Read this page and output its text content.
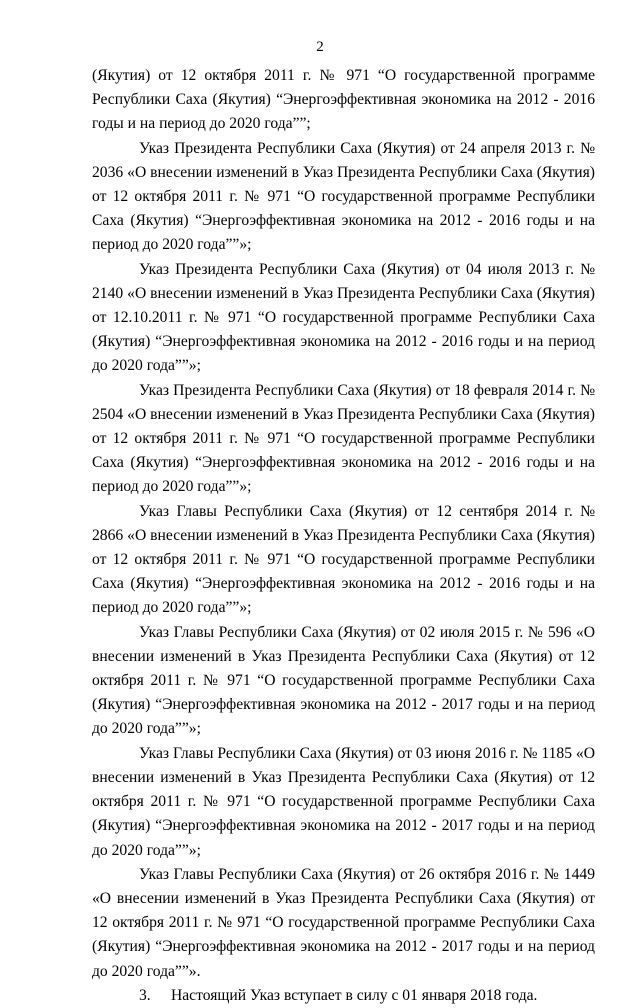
2

(Якутия) от 12 октября 2011 г. № 971 “О государственной программе Республики Саха (Якутия) “Энергоэффективная экономика на 2012 - 2016 годы и на период до 2020 года””;

Указ Президента Республики Саха (Якутия) от 24 апреля 2013 г. № 2036 «О внесении изменений в Указ Президента Республики Саха (Якутия) от 12 октября 2011 г. № 971 “О государственной программе Республики Саха (Якутия) “Энергоэффективная экономика на 2012 - 2016 годы и на период до 2020 года””»;

Указ Президента Республики Саха (Якутия) от 04 июля 2013 г. № 2140 «О внесении изменений в Указ Президента Республики Саха (Якутия) от 12.10.2011 г. № 971 “О государственной программе Республики Саха (Якутия) “Энергоэффективная экономика на 2012 - 2016 годы и на период до 2020 года””»;

Указ Президента Республики Саха (Якутия) от 18 февраля 2014 г. № 2504 «О внесении изменений в Указ Президента Республики Саха (Якутия) от 12 октября 2011 г. № 971 “О государственной программе Республики Саха (Якутия) “Энергоэффективная экономика на 2012 - 2016 годы и на период до 2020 года””»;

Указ Главы Республики Саха (Якутия) от 12 сентября 2014 г. № 2866 «О внесении изменений в Указ Президента Республики Саха (Якутия) от 12 октября 2011 г. № 971 “О государственной программе Республики Саха (Якутия) “Энергоэффективная экономика на 2012 - 2016 годы и на период до 2020 года””»;

Указ Главы Республики Саха (Якутия) от 02 июля 2015 г. № 596 «О внесении изменений в Указ Президента Республики Саха (Якутия) от 12 октября 2011 г. № 971 “О государственной программе Республики Саха (Якутия) “Энергоэффективная экономика на 2012 - 2017 годы и на период до 2020 года””»;

Указ Главы Республики Саха (Якутия) от 03 июня 2016 г. № 1185 «О внесении изменений в Указ Президента Республики Саха (Якутия) от 12 октября 2011 г. № 971 “О государственной программе Республики Саха (Якутия) “Энергоэффективная экономика на 2012 - 2017 годы и на период до 2020 года””»;

Указ Главы Республики Саха (Якутия) от 26 октября 2016 г. № 1449 «О внесении изменений в Указ Президента Республики Саха (Якутия) от 12 октября 2011 г. № 971 “О государственной программе Республики Саха (Якутия) “Энергоэффективная экономика на 2012 - 2017 годы и на период до 2020 года””».

3. Настоящий Указ вступает в силу с 01 января 2018 года.
